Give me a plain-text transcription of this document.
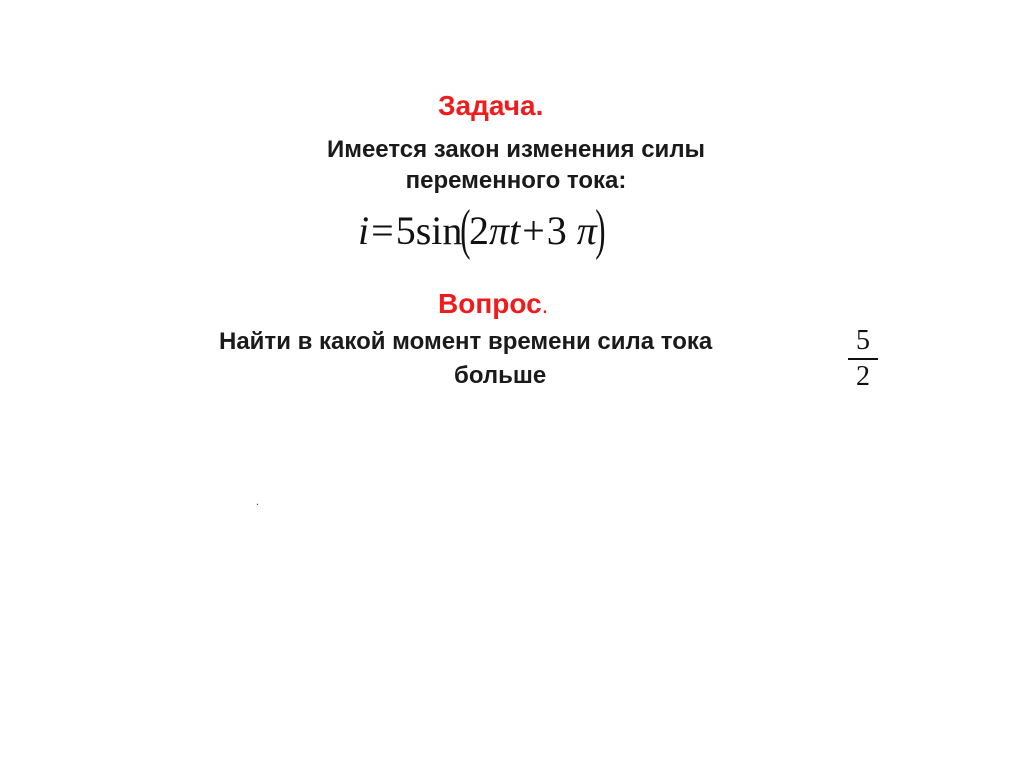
Задача.
Имеется закон изменения силы
переменного тока:
i=5sin(2πt+3 π)
Вопрос.
Найти в какой момент времени сила тока
больше
5
2
.
